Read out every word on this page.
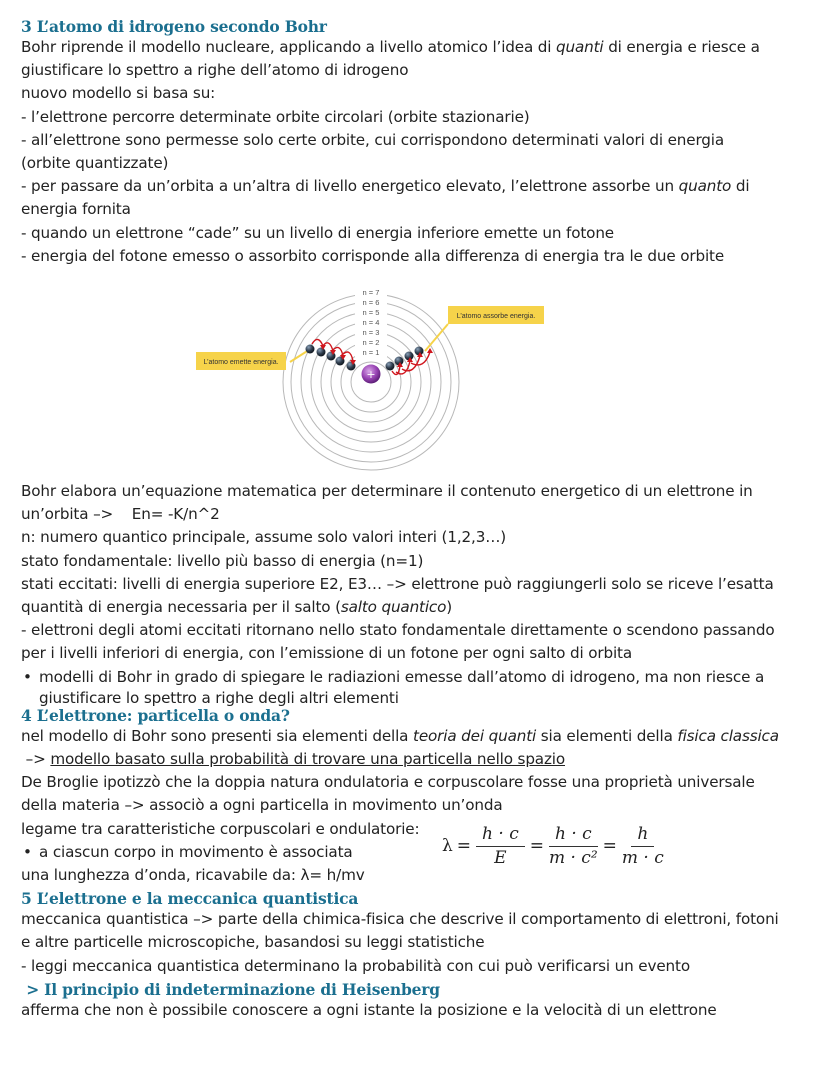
3 L’atomo di idrogeno secondo Bohr
Bohr riprende il modello nucleare, applicando a livello atomico l’idea di quanti di energia e riesce a
giustificare lo spettro a righe dell’atomo di idrogeno
nuovo modello si basa su:
- l’elettrone percorre determinate orbite circolari (orbite stazionarie)
- all’elettrone sono permesse solo certe orbite, cui corrispondono determinati valori di energia
(orbite quantizzate)
- per passare da un’orbita a un’altra di livello energetico elevato, l’elettrone assorbe un quanto di
energia fornita
- quando un elettrone “cade” su un livello di energia inferiore emette un fotone
- energia del fotone emesso o assorbito corrisponde alla differenza di energia tra le due orbite
n = 7
n = 6
n = 5
n = 4
n = 3
n = 2
n = 1
L’atomo emette energia.
L’atomo assorbe energia.
+
Bohr elabora un’equazione matematica per determinare il contenuto energetico di un elettrone in
un’orbita –>    En= -K/n^2
n: numero quantico principale, assume solo valori interi (1,2,3…)
stato fondamentale: livello più basso di energia (n=1)
stati eccitati: livelli di energia superiore E2, E3… –> elettrone può raggiungerli solo se riceve l’esatta
quantità di energia necessaria per il salto (salto quantico)
- elettroni degli atomi eccitati ritornano nello stato fondamentale direttamente o scendono passando
per i livelli inferiori di energia, con l’emissione di un fotone per ogni salto di orbita
• modelli di Bohr in grado di spiegare le radiazioni emesse dall’atomo di idrogeno, ma non riesce a
giustificare lo spettro a righe degli altri elementi
4 L’elettrone: particella o onda?
nel modello di Bohr sono presenti sia elementi della teoria dei quanti sia elementi della fisica classica
–> modello basato sulla probabilità di trovare una particella nello spazio
De Broglie ipotizzò che la doppia natura ondulatoria e corpuscolare fosse una proprietà universale
della materia –> associò a ogni particella in movimento un’onda
legame tra caratteristiche corpuscolari e ondulatorie:
• a ciascun corpo in movimento è associata
una lunghezza d’onda, ricavabile da: λ= h/mv
5 L’elettrone e la meccanica quantistica
meccanica quantistica –> parte della chimica-fisica che descrive il comportamento di elettroni, fotoni
e altre particelle microscopiche, basandosi su leggi statistiche
- leggi meccanica quantistica determinano la probabilità con cui può verificarsi un evento
> Il principio di indeterminazione di Heisenberg
afferma che non è possibile conoscere a ogni istante la posizione e la velocità di un elettrone
$\lambda = \frac{h \cdot c}{E} = \frac{h \cdot c}{\text{m · c²}} = \frac{h}{m \cdot c}$
